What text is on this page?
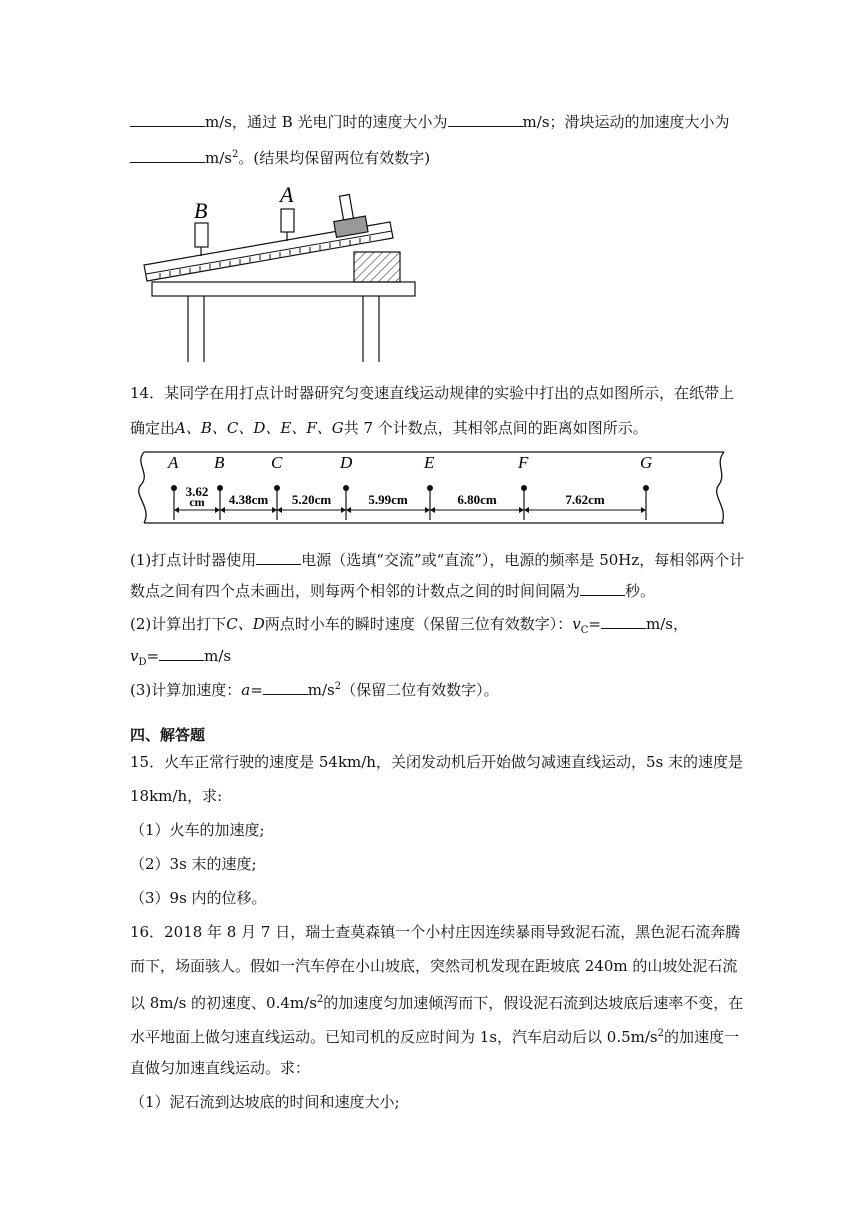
m/s，通过 B 光电门时的速度大小为	m/s；滑块运动的加速度大小为
$m/s^2$。(结果均保留两位有效数字)
B
A
14．某同学在用打点计时器研究匀变速直线运动规律的实验中打出的点如图所示，在纸带上
确定出A、B、C、D、E、F、G共 7 个计数点，其相邻点间的距离如图所示。
A B	C	D	E	F	G
3.62
cm 4.38cm 5.20cm	5.99cm	6.80cm	7.62cm
(1)打点计时器使用	电源（选填“交流”或“直流”），电源的频率是 50Hz，每相邻两个计
数点之间有四个点未画出，则每两个相邻的计数点之间的时间间隔为	秒。
(2)计算出打下C、D两点时小车的瞬时速度（保留三位有效数字）：$v_C=$	m/s，
$v_D=$	m/s
(3)计算加速度：a=	$m/s^2$（保留二位有效数字）。
四、解答题
15．火车正常行驶的速度是 54km/h，关闭发动机后开始做匀减速直线运动，5s 末的速度是
18km/h，求:
（1）火车的加速度;
（2）3s 末的速度;
（3）9s 内的位移。
16．2018 年 8 月 7 日，瑞士查莫森镇一个小村庄因连续暴雨导致泥石流，黑色泥石流奔腾
而下，场面骇人。假如一汽车停在小山坡底，突然司机发现在距坡底 240m 的山坡处泥石流
以 8m/s 的初速度、$0.4m/s^2$的加速度匀加速倾泻而下，假设泥石流到达坡底后速率不变，在
水平地面上做匀速直线运动。已知司机的反应时间为 1s，汽车启动后以 $0.5m/s^2$的加速度一
直做匀加速直线运动。求：
（1）泥石流到达坡底的时间和速度大小;
